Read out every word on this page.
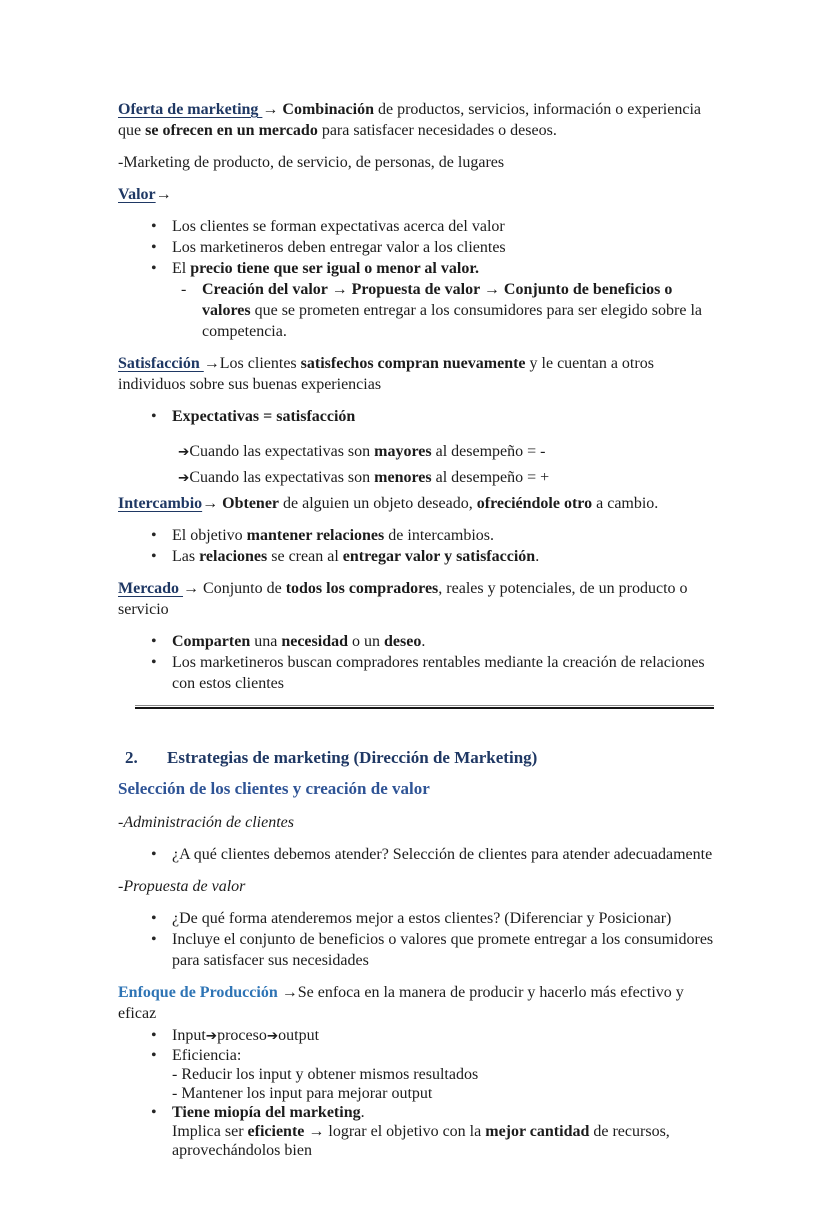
Oferta de marketing → Combinación de productos, servicios, información o experiencia que se ofrecen en un mercado para satisfacer necesidades o deseos.
-Marketing de producto, de servicio, de personas, de lugares
Valor→
• Los clientes se forman expectativas acerca del valor
• Los marketineros deben entregar valor a los clientes
• El precio tiene que ser igual o menor al valor.
- Creación del valor → Propuesta de valor → Conjunto de beneficios o valores que se prometen entregar a los consumidores para ser elegido sobre la competencia.
Satisfacción →Los clientes satisfechos compran nuevamente y le cuentan a otros individuos sobre sus buenas experiencias
• Expectativas = satisfacción
➔Cuando las expectativas son mayores al desempeño = -
➔Cuando las expectativas son menores al desempeño = +
Intercambio→ Obtener de alguien un objeto deseado, ofreciéndole otro a cambio.
• El objetivo mantener relaciones de intercambios.
• Las relaciones se crean al entregar valor y satisfacción.
Mercado → Conjunto de todos los compradores, reales y potenciales, de un producto o servicio
• Comparten una necesidad o un deseo.
• Los marketineros buscan compradores rentables mediante la creación de relaciones con estos clientes
2. Estrategias de marketing (Dirección de Marketing)
Selección de los clientes y creación de valor
-Administración de clientes
• ¿A qué clientes debemos atender? Selección de clientes para atender adecuadamente
-Propuesta de valor
• ¿De qué forma atenderemos mejor a estos clientes? (Diferenciar y Posicionar)
• Incluye el conjunto de beneficios o valores que promete entregar a los consumidores para satisfacer sus necesidades
Enfoque de Producción →Se enfoca en la manera de producir y hacerlo más efectivo y eficaz
• Input➔proceso➔output
• Eficiencia:
- Reducir los input y obtener mismos resultados
- Mantener los input para mejorar output
• Tiene miopía del marketing.
Implica ser eficiente → lograr el objetivo con la mejor cantidad de recursos, aprovechándolos bien
